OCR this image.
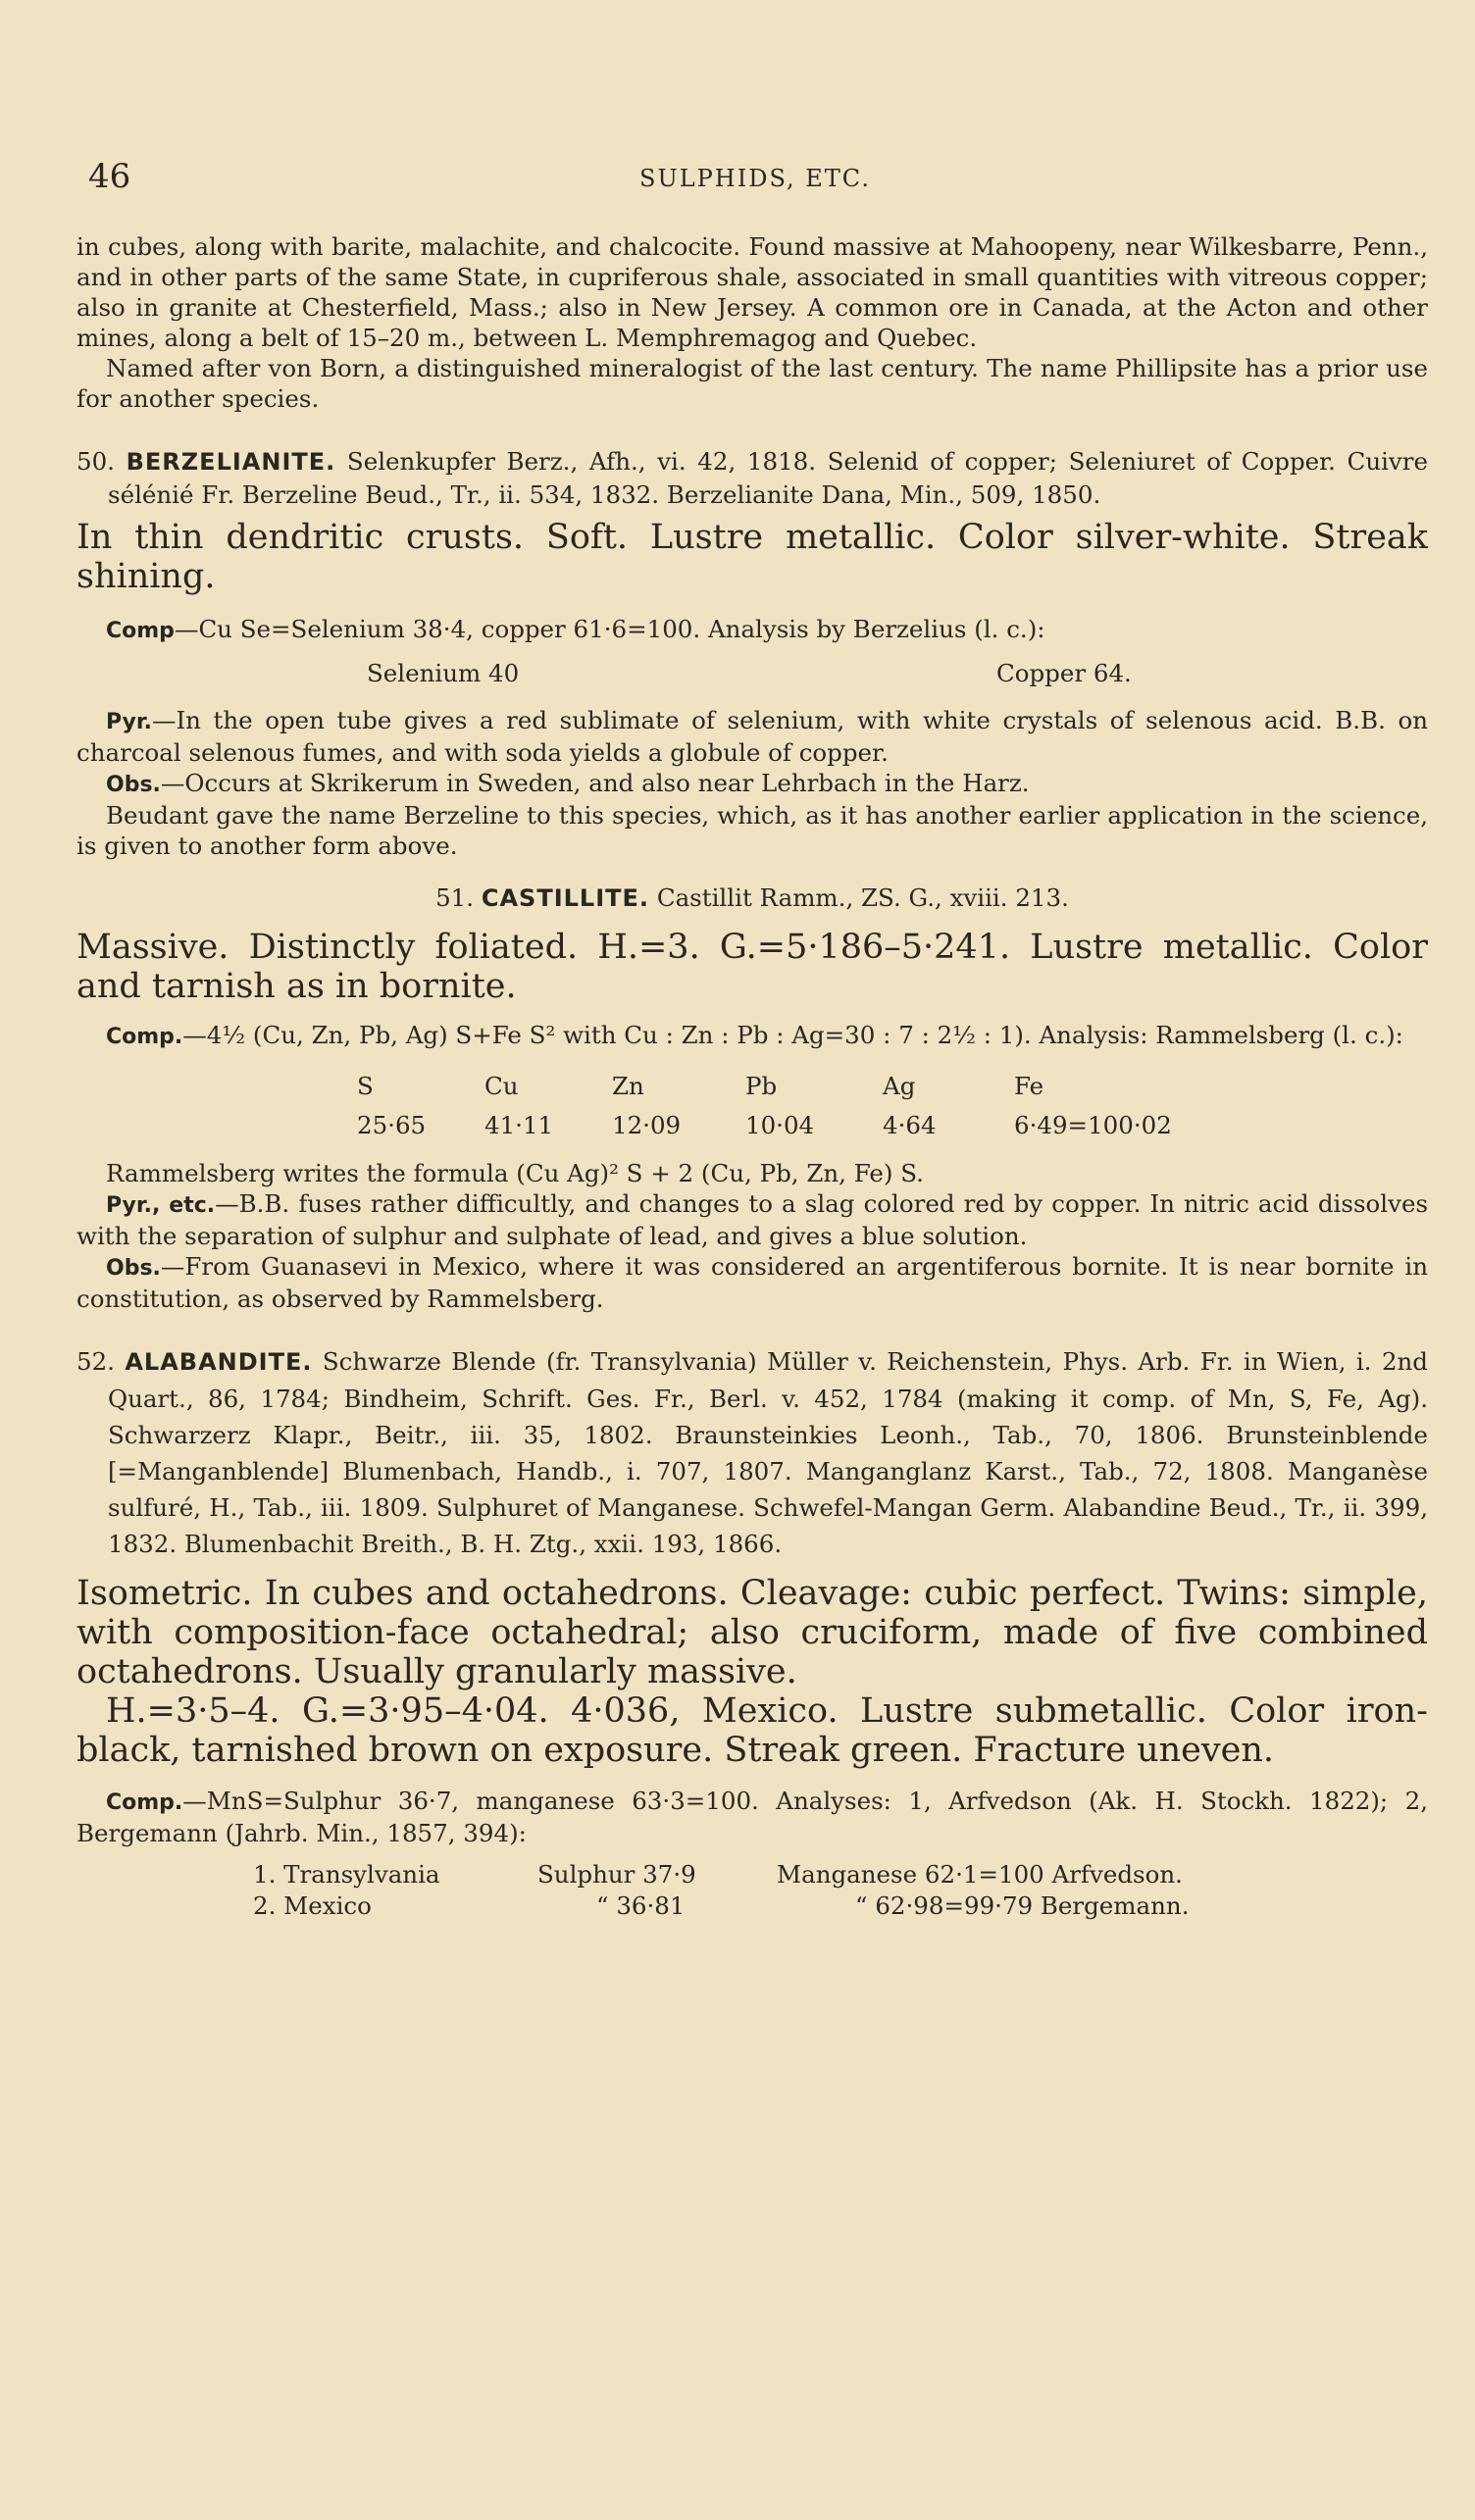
46	SULPHIDS, ETC.

in cubes, along with barite, malachite, and chalcocite. Found massive at Mahoopeny, near Wilkesbarre, Penn., and in other parts of the same State, in cupriferous shale, associated in small quantities with vitreous copper; also in granite at Chesterfield, Mass.; also in New Jersey. A common ore in Canada, at the Acton and other mines, along a belt of 15–20 m., between L. Memphremagog and Quebec.

Named after von Born, a distinguished mineralogist of the last century. The name Phillipsite has a prior use for another species.

50. BERZELIANITE. Selenkupfer Berz., Afh., vi. 42, 1818. Selenid of copper; Seleniuret of Copper. Cuivre sélénié Fr. Berzeline Beud., Tr., ii. 534, 1832. Berzelianite Dana, Min., 509, 1850.

In thin dendritic crusts. Soft. Lustre metallic. Color silver-white. Streak shining.

Comp—Cu Se=Selenium 38·4, copper 61·6=100. Analysis by Berzelius (l. c.):

Selenium 40	Copper 64.

Pyr.—In the open tube gives a red sublimate of selenium, with white crystals of selenous acid. B.B. on charcoal selenous fumes, and with soda yields a globule of copper.

Obs.—Occurs at Skrikerum in Sweden, and also near Lehrbach in the Harz.

Beudant gave the name Berzeline to this species, which, as it has another earlier application in the science, is given to another form above.

51. CASTILLITE. Castillit Ramm., ZS. G., xviii. 213.

Massive. Distinctly foliated. H.=3. G.=5·186–5·241. Lustre metallic. Color and tarnish as in bornite.

Comp.—4½ (Cu, Zn, Pb, Ag) S+Fe S² with Cu : Zn : Pb : Ag=30 : 7 : 2½ : 1). Analysis: Rammelsberg (l. c.):

S	Cu	Zn	Pb	Ag	Fe
25·65	41·11	12·09	10·04	4·64	6·49=100·02

Rammelsberg writes the formula (Cu Ag)² S + 2 (Cu, Pb, Zn, Fe) S.

Pyr., etc.—B.B. fuses rather difficultly, and changes to a slag colored red by copper. In nitric acid dissolves with the separation of sulphur and sulphate of lead, and gives a blue solution.

Obs.—From Guanasevi in Mexico, where it was considered an argentiferous bornite. It is near bornite in constitution, as observed by Rammelsberg.

52. ALABANDITE. Schwarze Blende (fr. Transylvania) Müller v. Reichenstein, Phys. Arb. Fr. in Wien, i. 2nd Quart., 86, 1784; Bindheim, Schrift. Ges. Fr., Berl. v. 452, 1784 (making it comp. of Mn, S, Fe, Ag). Schwarzerz Klapr., Beitr., iii. 35, 1802. Braunsteinkies Leonh., Tab., 70, 1806. Brunsteinblende [=Manganblende] Blumenbach, Handb., i. 707, 1807. Manganglanz Karst., Tab., 72, 1808. Manganèse sulfuré, H., Tab., iii. 1809. Sulphuret of Manganese. Schwefel-Mangan Germ. Alabandine Beud., Tr., ii. 399, 1832. Blumenbachit Breith., B. H. Ztg., xxii. 193, 1866.

Isometric. In cubes and octahedrons. Cleavage: cubic perfect. Twins: simple, with composition-face octahedral; also cruciform, made of five combined octahedrons. Usually granularly massive.

H.=3·5–4. G.=3·95–4·04. 4·036, Mexico. Lustre submetallic. Color iron-black, tarnished brown on exposure. Streak green. Fracture uneven.

Comp.—MnS=Sulphur 36·7, manganese 63·3=100. Analyses: 1, Arfvedson (Ak. H. Stockh. 1822); 2, Bergemann (Jahrb. Min., 1857, 394):

1. Transylvania	Sulphur 37·9	Manganese 62·1=100 Arfvedson.
2. Mexico	“ 36·81	“ 62·98=99·79 Bergemann.
